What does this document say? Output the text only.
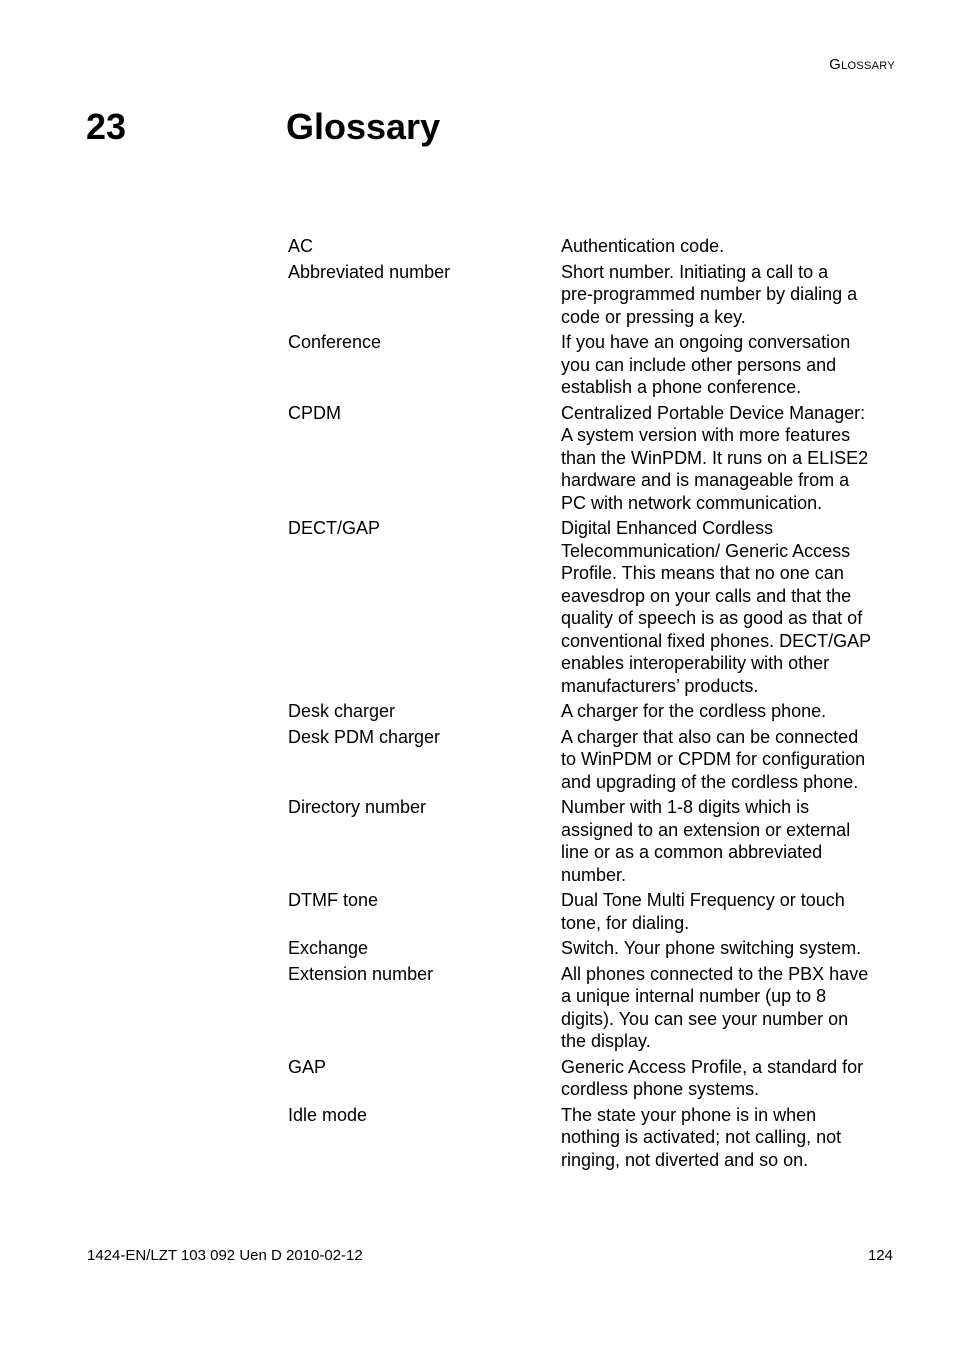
Glossary
23	Glossary
AC	Authentication code.
Abbreviated number	Short number. Initiating a call to a
pre-programmed number by dialing a
code or pressing a key.
Conference	If you have an ongoing conversation
you can include other persons and
establish a phone conference.
CPDM	Centralized Portable Device Manager:
A system version with more features
than the WinPDM. It runs on a ELISE2
hardware and is manageable from a
PC with network communication.
DECT/GAP	Digital Enhanced Cordless
Telecommunication/ Generic Access
Profile. This means that no one can
eavesdrop on your calls and that the
quality of speech is as good as that of
conventional fixed phones. DECT/GAP
enables interoperability with other
manufacturers’ products.
Desk charger	A charger for the cordless phone.
Desk PDM charger	A charger that also can be connected
to WinPDM or CPDM for configuration
and upgrading of the cordless phone.
Directory number	Number with 1-8 digits which is
assigned to an extension or external
line or as a common abbreviated
number.
DTMF tone	Dual Tone Multi Frequency or touch
tone, for dialing.
Exchange	Switch. Your phone switching system.
Extension number	All phones connected to the PBX have
a unique internal number (up to 8
digits). You can see your number on
the display.
GAP	Generic Access Profile, a standard for
cordless phone systems.
Idle mode	The state your phone is in when
nothing is activated; not calling, not
ringing, not diverted and so on.
1424-EN/LZT 103 092 Uen D 2010-02-12	124
